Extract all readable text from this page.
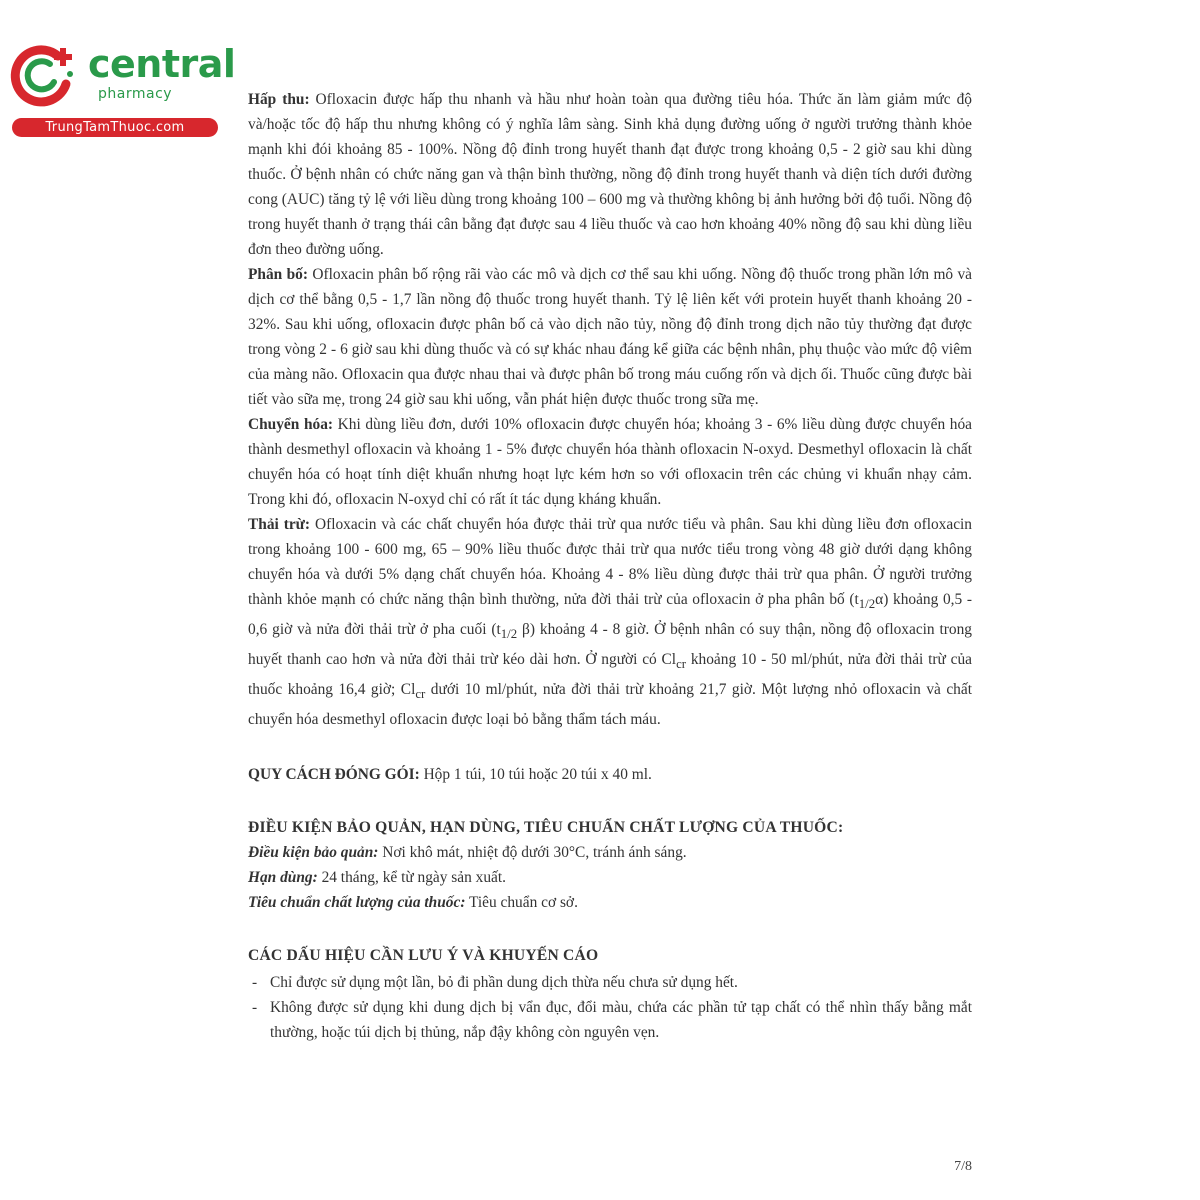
central
pharmacy
TrungTamThuoc.com

Hấp thu: Ofloxacin được hấp thu nhanh và hầu như hoàn toàn qua đường tiêu hóa. Thức ăn làm giảm mức độ và/hoặc tốc độ hấp thu nhưng không có ý nghĩa lâm sàng. Sinh khả dụng đường uống ở người trưởng thành khỏe mạnh khi đói khoảng 85 - 100%. Nồng độ đỉnh trong huyết thanh đạt được trong khoảng 0,5 - 2 giờ sau khi dùng thuốc. Ở bệnh nhân có chức năng gan và thận bình thường, nồng độ đỉnh trong huyết thanh và diện tích dưới đường cong (AUC) tăng tỷ lệ với liều dùng trong khoảng 100 – 600 mg và thường không bị ảnh hưởng bởi độ tuổi. Nồng độ trong huyết thanh ở trạng thái cân bằng đạt được sau 4 liều thuốc và cao hơn khoảng 40% nồng độ sau khi dùng liều đơn theo đường uống.

Phân bố: Ofloxacin phân bố rộng rãi vào các mô và dịch cơ thể sau khi uống. Nồng độ thuốc trong phần lớn mô và dịch cơ thể bằng 0,5 - 1,7 lần nồng độ thuốc trong huyết thanh. Tỷ lệ liên kết với protein huyết thanh khoảng 20 - 32%. Sau khi uống, ofloxacin được phân bố cả vào dịch não tủy, nồng độ đỉnh trong dịch não tủy thường đạt được trong vòng 2 - 6 giờ sau khi dùng thuốc và có sự khác nhau đáng kể giữa các bệnh nhân, phụ thuộc vào mức độ viêm của màng não. Ofloxacin qua được nhau thai và được phân bố trong máu cuống rốn và dịch ối. Thuốc cũng được bài tiết vào sữa mẹ, trong 24 giờ sau khi uống, vẫn phát hiện được thuốc trong sữa mẹ.

Chuyển hóa: Khi dùng liều đơn, dưới 10% ofloxacin được chuyển hóa; khoảng 3 - 6% liều dùng được chuyển hóa thành desmethyl ofloxacin và khoảng 1 - 5% được chuyển hóa thành ofloxacin N-oxyd. Desmethyl ofloxacin là chất chuyển hóa có hoạt tính diệt khuẩn nhưng hoạt lực kém hơn so với ofloxacin trên các chủng vi khuẩn nhạy cảm. Trong khi đó, ofloxacin N-oxyd chỉ có rất ít tác dụng kháng khuẩn.

Thải trừ: Ofloxacin và các chất chuyển hóa được thải trừ qua nước tiểu và phân. Sau khi dùng liều đơn ofloxacin trong khoảng 100 - 600 mg, 65 – 90% liều thuốc được thải trừ qua nước tiểu trong vòng 48 giờ dưới dạng không chuyển hóa và dưới 5% dạng chất chuyển hóa. Khoảng 4 - 8% liều dùng được thải trừ qua phân. Ở người trưởng thành khỏe mạnh có chức năng thận bình thường, nửa đời thải trừ của ofloxacin ở pha phân bố $(t_{1/2}\alpha)$ khoảng 0,5 - 0,6 giờ và nửa đời thải trừ ở pha cuối ($t_{1/2}$ β) khoảng 4 - 8 giờ. Ở bệnh nhân có suy thận, nồng độ ofloxacin trong huyết thanh cao hơn và nửa đời thải trừ kéo dài hơn. Ở người có $Cl_{cr}$ khoảng 10 - 50 ml/phút, nửa đời thải trừ của thuốc khoảng 16,4 giờ; $Cl_{cr}$ dưới 10 ml/phút, nửa đời thải trừ khoảng 21,7 giờ. Một lượng nhỏ ofloxacin và chất chuyển hóa desmethyl ofloxacin được loại bỏ bằng thẩm tách máu.

QUY CÁCH ĐÓNG GÓI: Hộp 1 túi, 10 túi hoặc 20 túi x 40 ml.

ĐIỀU KIỆN BẢO QUẢN, HẠN DÙNG, TIÊU CHUẨN CHẤT LƯỢNG CỦA THUỐC:

Điều kiện bảo quản: Nơi khô mát, nhiệt độ dưới 30°C, tránh ánh sáng.

Hạn dùng: 24 tháng, kể từ ngày sản xuất.

Tiêu chuẩn chất lượng của thuốc: Tiêu chuẩn cơ sở.

CÁC DẤU HIỆU CẦN LƯU Ý VÀ KHUYẾN CÁO
- Chỉ được sử dụng một lần, bỏ đi phần dung dịch thừa nếu chưa sử dụng hết.
- Không được sử dụng khi dung dịch bị vẩn đục, đổi màu, chứa các phần tử tạp chất có thể nhìn thấy bằng mắt thường, hoặc túi dịch bị thủng, nắp đậy không còn nguyên vẹn.
7/8
